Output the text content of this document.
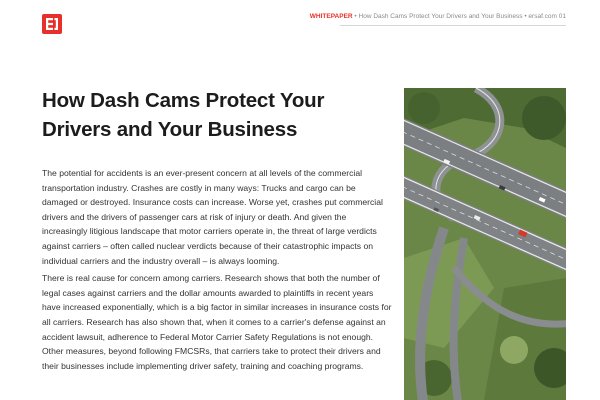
WHITEPAPER • How Dash Cams Protect Your Drivers and Your Business • ersaf.com 01
How Dash Cams Protect Your Drivers and Your Business

The potential for accidents is an ever-present concern at all levels of the commercial transportation industry. Crashes are costly in many ways: Trucks and cargo can be damaged or destroyed. Insurance costs can increase. Worse yet, crashes put commercial drivers and the drivers of passenger cars at risk of injury or death. And given the increasingly litigious landscape that motor carriers operate in, the threat of large verdicts against carriers – often called nuclear verdicts because of their catastrophic impacts on individual carriers and the industry overall – is always looming.

There is real cause for concern among carriers. Research shows that both the number of legal cases against carriers and the dollar amounts awarded to plaintiffs in recent years have increased exponentially, which is a big factor in similar increases in insurance costs for all carriers. Research has also shown that, when it comes to a carrier's defense against an accident lawsuit, adherence to Federal Motor Carrier Safety Regulations is not enough. Other measures, beyond following FMCSRs, that carriers take to protect their drivers and their businesses include implementing driver safety, training and coaching programs.
